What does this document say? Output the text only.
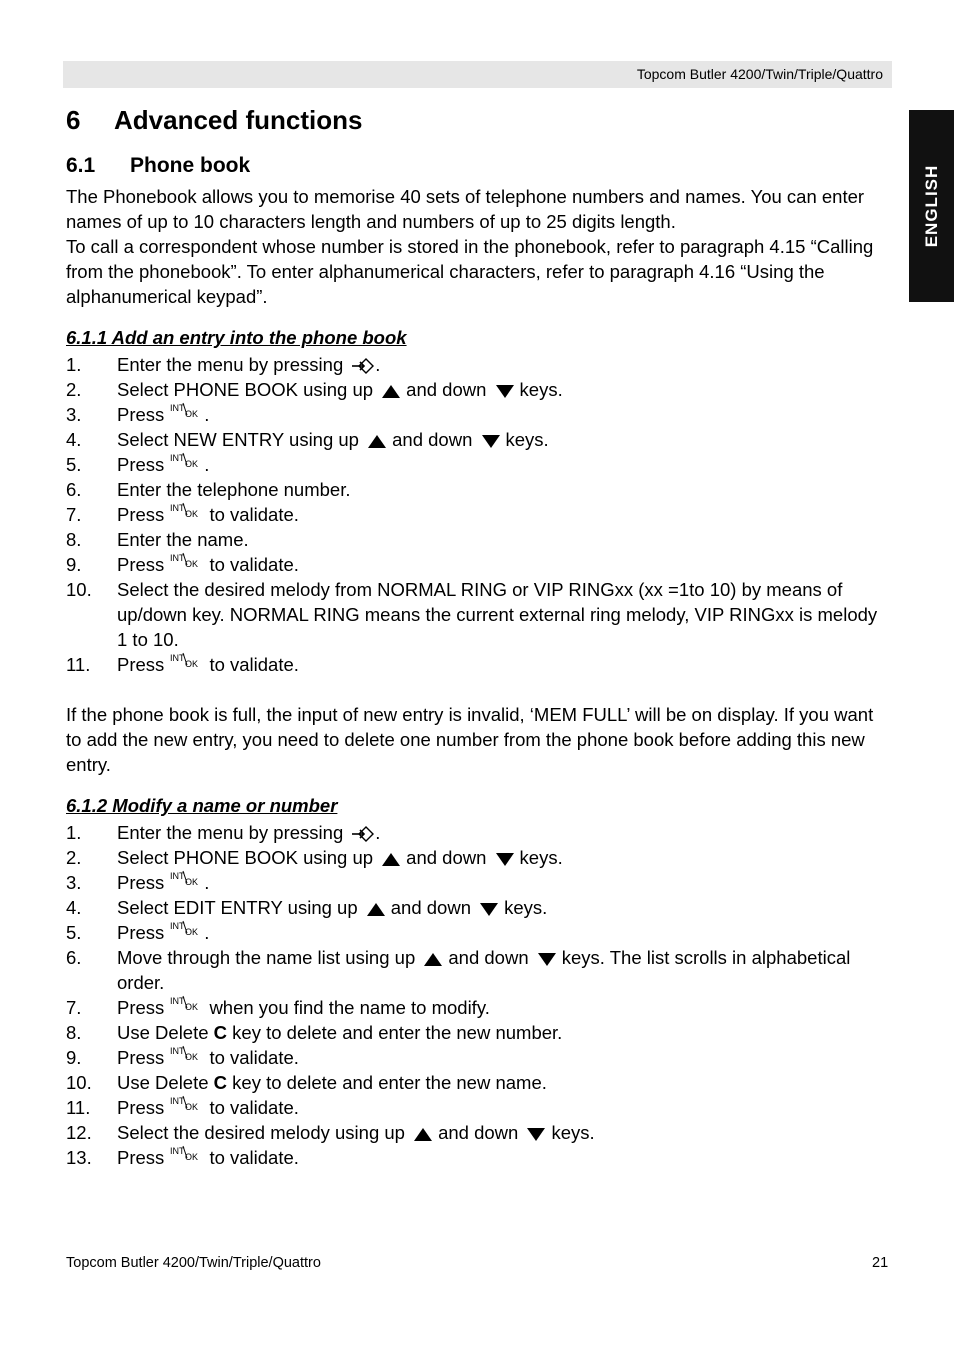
Topcom Butler 4200/Twin/Triple/Quattro
ENGLISH
6 Advanced functions
6.1 Phone book

The Phonebook allows you to memorise 40 sets of telephone numbers and names. You can enter names of up to 10 characters length and numbers of up to 25 digits length.

To call a correspondent whose number is stored in the phonebook, refer to paragraph 4.15 “Calling from the phonebook”. To enter alphanumerical characters, refer to paragraph 4.16 “Using the alphanumerical keypad”.

6.1.1 Add an entry into the phone book
1. Enter the menu by pressing .
2. Select PHONE BOOK using up and down keys.
3. Press INT
OK .
4. Select NEW ENTRY using up and down keys.
5. Press INT
OK .
6. Enter the telephone number.
7. Press INT
OK to validate.
8. Enter the name.
9. Press INT
OK to validate.
10. Select the desired melody from NORMAL RING or VIP RINGxx (xx =1to 10) by means of up/down key. NORMAL RING means the current external ring melody, VIP RINGxx is melody 1 to 10.
11. Press INT
OK to validate.

If the phone book is full, the input of new entry is invalid, ‘MEM FULL’ will be on display. If you want to add the new entry, you need to delete one number from the phone book before adding this new entry.

6.1.2 Modify a name or number
1. Enter the menu by pressing .
2. Select PHONE BOOK using up and down keys.
3. Press INT
OK .
4. Select EDIT ENTRY using up and down keys.
5. Press INT
OK .
6. Move through the name list using up and down keys. The list scrolls in alphabetical order.
7. Press INT
OK when you find the name to modify.
8. Use Delete C key to delete and enter the new number.
9. Press INT
OK to validate.
10. Use Delete C key to delete and enter the new name.
11. Press INT
OK to validate.
12. Select the desired melody using up and down keys.
13. Press INT
OK to validate.
Topcom Butler 4200/Twin/Triple/Quattro	21
